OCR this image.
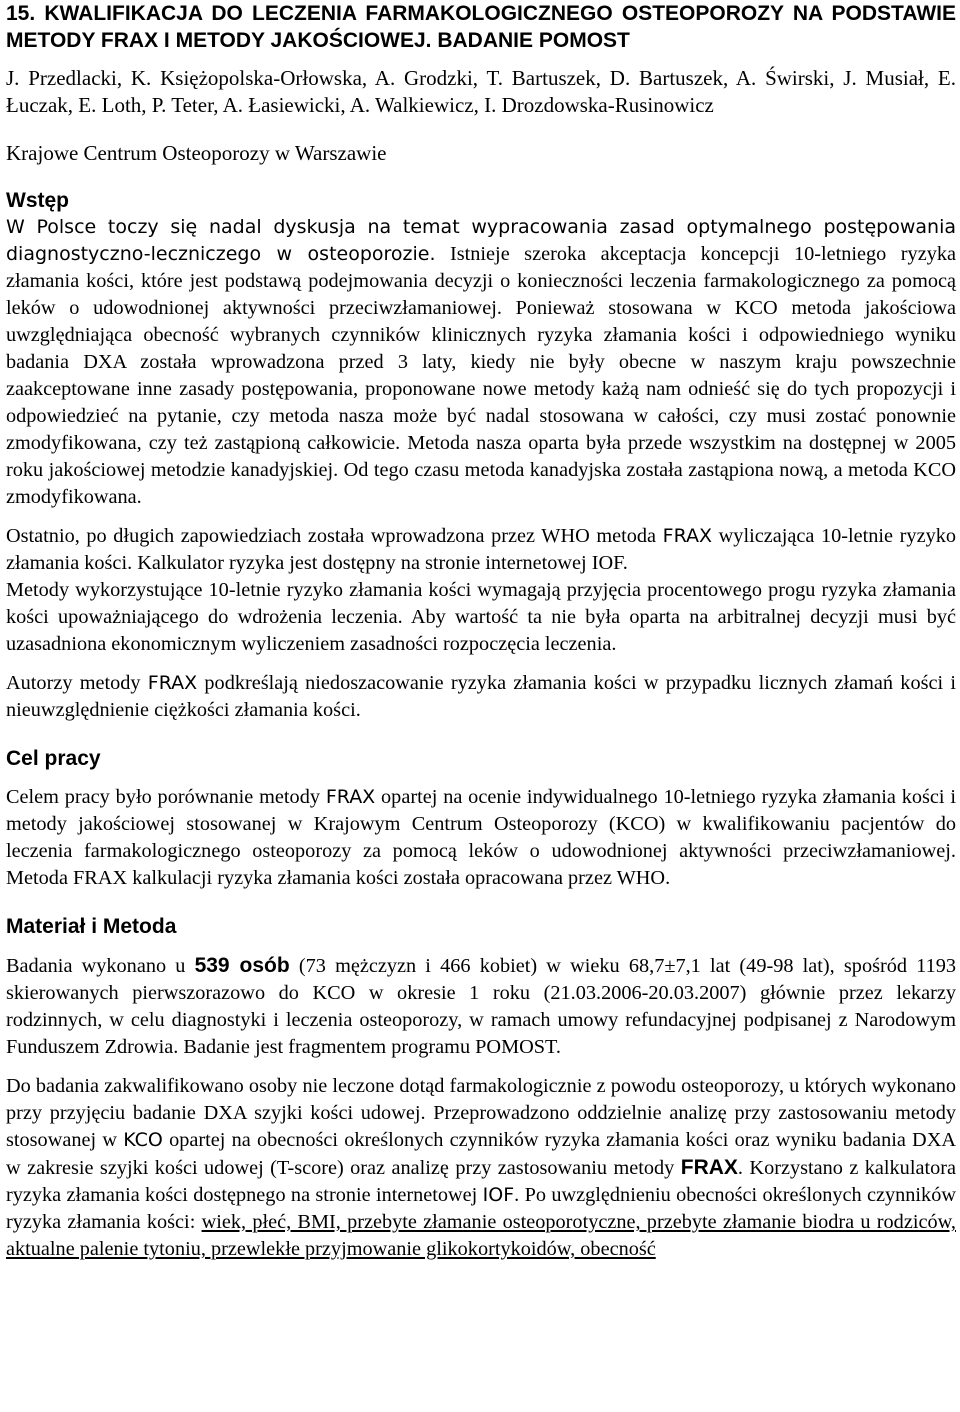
15. KWALIFIKACJA DO LECZENIA FARMAKOLOGICZNEGO OSTEOPOROZY NA PODSTAWIE METODY FRAX I METODY JAKOŚCIOWEJ. BADANIE POMOST
J. Przedlacki, K. Księżopolska-Orłowska, A. Grodzki, T. Bartuszek, D. Bartuszek, A. Świrski, J. Musiał, E. Łuczak, E. Loth, P. Teter, A. Łasiewicki, A. Walkiewicz, I. Drozdowska-Rusinowicz
Krajowe Centrum Osteoporozy w Warszawie
Wstęp

W Polsce toczy się nadal dyskusja na temat wypracowania zasad optymalnego postępowania diagnostyczno-leczniczego w osteoporozie. Istnieje szeroka akceptacja koncepcji 10-letniego ryzyka złamania kości, które jest podstawą podejmowania decyzji o konieczności leczenia farmakologicznego za pomocą leków o udowodnionej aktywności przeciwzłamaniowej. Ponieważ stosowana w KCO metoda jakościowa uwzględniająca obecność wybranych czynników klinicznych ryzyka złamania kości i odpowiedniego wyniku badania DXA została wprowadzona przed 3 laty, kiedy nie były obecne w naszym kraju powszechnie zaakceptowane inne zasady postępowania, proponowane nowe metody każą nam odnieść się do tych propozycji i odpowiedzieć na pytanie, czy metoda nasza może być nadal stosowana w całości, czy musi zostać ponownie zmodyfikowana, czy też zastąpioną całkowicie. Metoda nasza oparta była przede wszystkim na dostępnej w 2005 roku jakościowej metodzie kanadyjskiej. Od tego czasu metoda kanadyjska została zastąpiona nową, a metoda KCO zmodyfikowana.

Ostatnio, po długich zapowiedziach została wprowadzona przez WHO metoda FRAX wyliczająca 10-letnie ryzyko złamania kości. Kalkulator ryzyka jest dostępny na stronie internetowej IOF.

Metody wykorzystujące 10-letnie ryzyko złamania kości wymagają przyjęcia procentowego progu ryzyka złamania kości upoważniającego do wdrożenia leczenia. Aby wartość ta nie była oparta na arbitralnej decyzji musi być uzasadniona ekonomicznym wyliczeniem zasadności rozpoczęcia leczenia.

Autorzy metody FRAX podkreślają niedoszacowanie ryzyka złamania kości w przypadku licznych złamań kości i nieuwzględnienie ciężkości złamania kości.

Cel pracy

Celem pracy było porównanie metody FRAX opartej na ocenie indywidualnego 10-letniego ryzyka złamania kości i metody jakościowej stosowanej w Krajowym Centrum Osteoporozy (KCO) w kwalifikowaniu pacjentów do leczenia farmakologicznego osteoporozy za pomocą leków o udowodnionej aktywności przeciwzłamaniowej. Metoda FRAX kalkulacji ryzyka złamania kości została opracowana przez WHO.

Materiał i Metoda

Badania wykonano u 539 osób (73 mężczyzn i 466 kobiet) w wieku 68,7±7,1 lat (49-98 lat), spośród 1193 skierowanych pierwszorazowo do KCO w okresie 1 roku (21.03.2006-20.03.2007) głównie przez lekarzy rodzinnych, w celu diagnostyki i leczenia osteoporozy, w ramach umowy refundacyjnej podpisanej z Narodowym Funduszem Zdrowia. Badanie jest fragmentem programu POMOST.

Do badania zakwalifikowano osoby nie leczone dotąd farmakologicznie z powodu osteoporozy, u których wykonano przy przyjęciu badanie DXA szyjki kości udowej. Przeprowadzono oddzielnie analizę przy zastosowaniu metody stosowanej w KCO opartej na obecności określonych czynników ryzyka złamania kości oraz wyniku badania DXA w zakresie szyjki kości udowej (T-score) oraz analizę przy zastosowaniu metody FRAX. Korzystano z kalkulatora ryzyka złamania kości dostępnego na stronie internetowej IOF. Po uwzględnieniu obecności określonych czynników ryzyka złamania kości: wiek, płeć, BMI, przebyte złamanie osteoporotyczne, przebyte złamanie biodra u rodziców, aktualne palenie tytoniu, przewlekłe przyjmowanie glikokortykoidów, obecność
